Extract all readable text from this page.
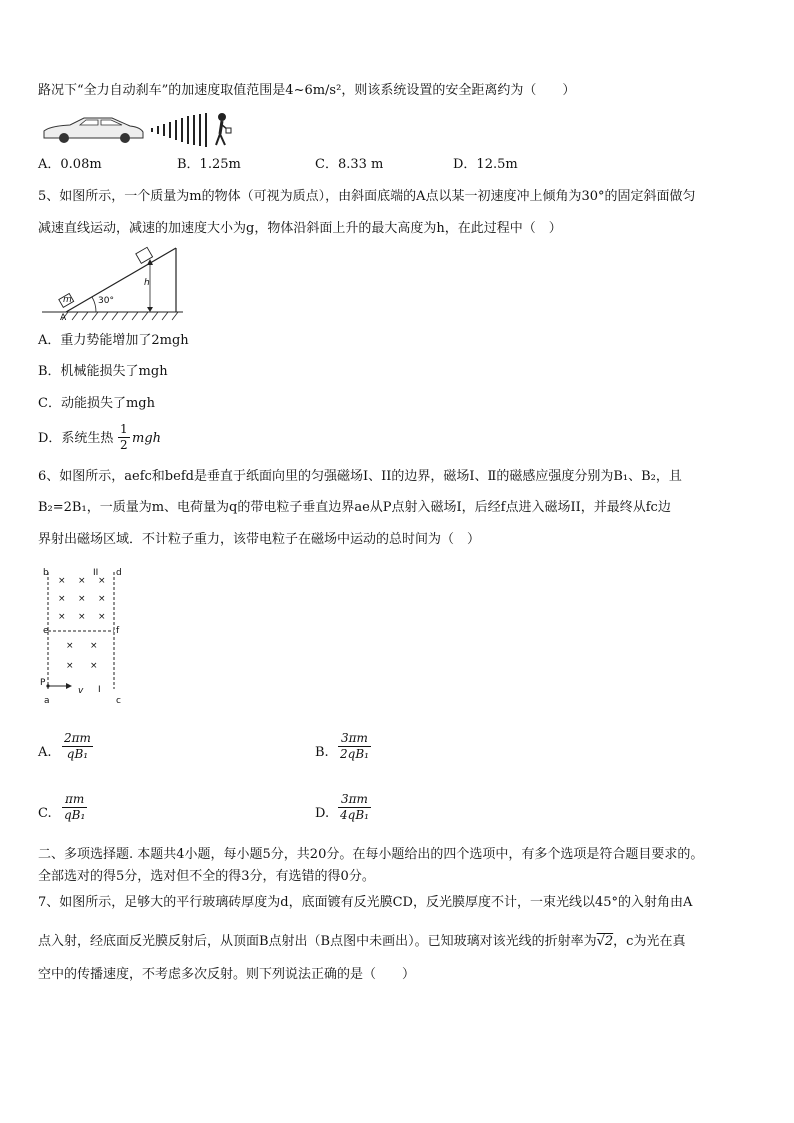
路况下“全力自动刹车”的加速度取值范围是4~6m/s²，则该系统设置的安全距离约为（　　）
A．0.08m	B．1.25m	C．8.33 m	D．12.5m
5、如图所示，一个质量为m的物体（可视为质点），由斜面底端的A点以某一初速度冲上倾角为30°的固定斜面做匀
减速直线运动，减速的加速度大小为g，物体沿斜面上升的最大高度为h，在此过程中（　）
m	30°
h
A
A．重力势能增加了2mgh
B．机械能损失了mgh
C．动能损失了mgh
D．系统生热 $\frac{1}{2}$ mgh
6、如图所示，aefc和befd是垂直于纸面向里的匀强磁场I、II的边界，磁场I、Ⅱ的磁感应强度分别为B₁、B₂，且
B₂=2B₁，一质量为m、电荷量为q的带电粒子垂直边界ae从P点射入磁场I，后经f点进入磁场II，并最终从fc边
界射出磁场区域．不计粒子重力，该带电粒子在磁场中运动的总时间为（　）
b	II d
e	f
P
v I
a	c
× × ×
× × ×
× × ×
× ×
× ×
A. $\frac{2\pi m}{\text{qB₁}}$	B. $\frac{3\pi m}{\text{2qB₁}}$
C. $\frac{\pi m}{\text{qB₁}}$	D. $\frac{3\pi m}{\text{4qB₁}}$
二、多项选择题. 本题共4小题，每小题5分，共20分。在每小题给出的四个选项中，有多个选项是符合题目要求的。
全部选对的得5分，选对但不全的得3分，有选错的得0分。
7、如图所示，足够大的平行玻璃砖厚度为d，底面镀有反光膜CD，反光膜厚度不计，一束光线以45°的入射角由A
点入射，经底面反光膜反射后，从顶面B点射出（B点图中未画出）。已知玻璃对该光线的折射率为√2，c为光在真
空中的传播速度，不考虑多次反射。则下列说法正确的是（　　）
